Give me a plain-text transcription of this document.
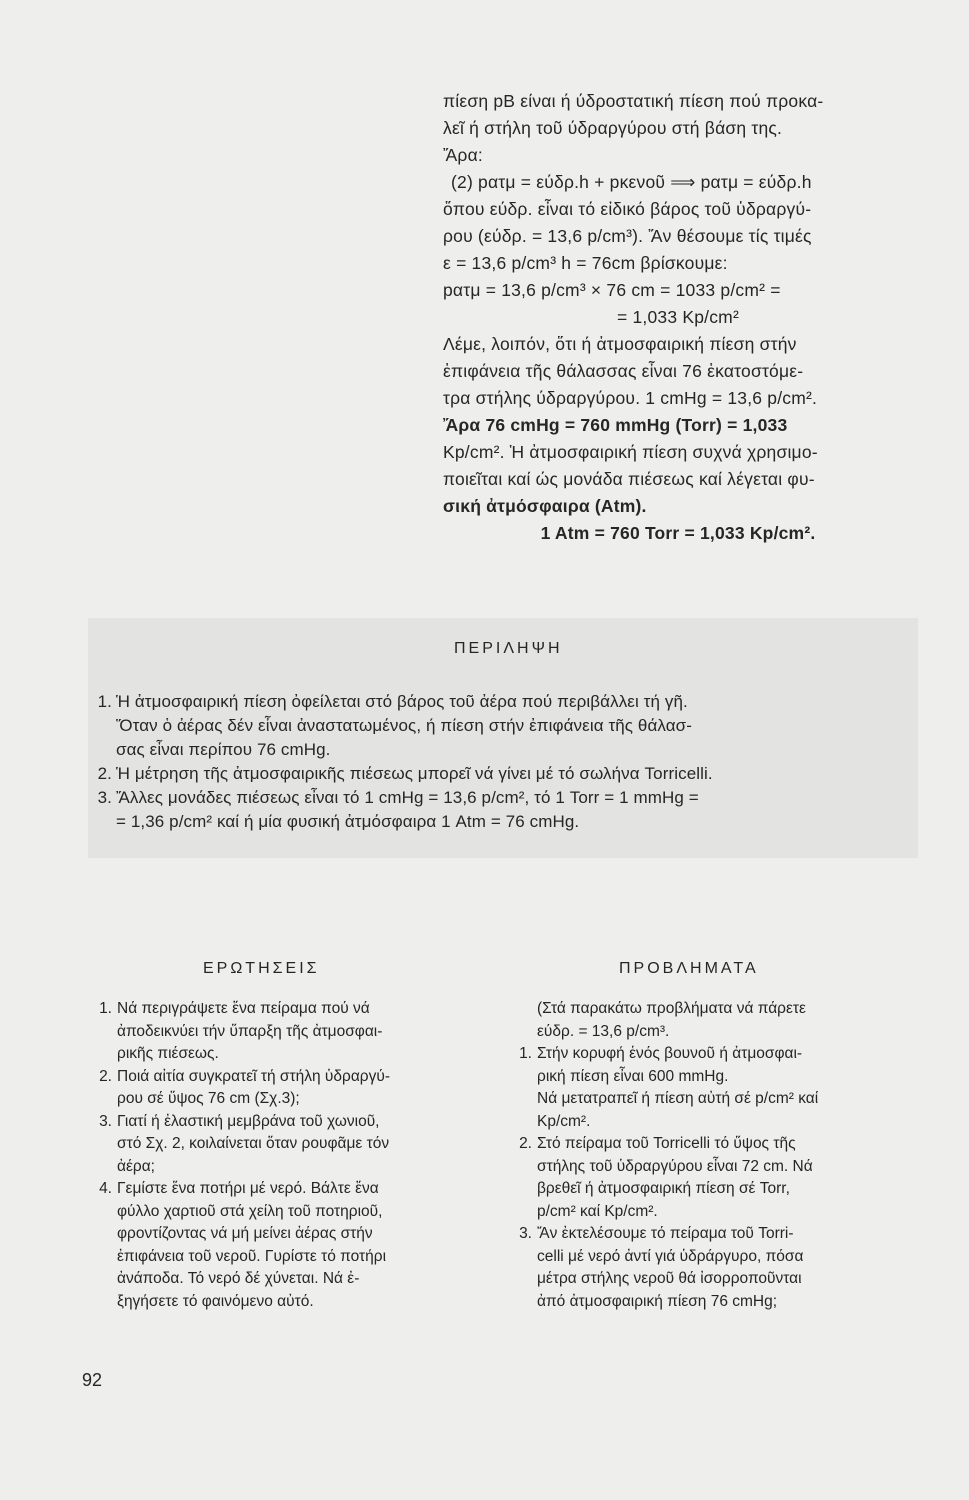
πίεση pB είναι ή ύδροστατική πίεση πού προκα-

λεῖ ή στήλη τοῦ ύδραργύρου στή βάση της.

Ἄρα:

(2) pατμ = εύδρ.h + pκενοῦ ⟹ pατμ = εύδρ.h

ὅπου εύδρ. εἶναι τό εἰδικό βάρος τοῦ ὑδραργύ-

ρου (εύδρ. = 13,6 p/cm³). Ἄν θέσουμε τίς τιμές

ε = 13,6 p/cm³ h = 76cm βρίσκουμε:

pατμ = 13,6 p/cm³ × 76 cm = 1033 p/cm² =

= 1,033 Kp/cm²

Λέμε, λοιπόν, ὅτι ή ἀτμοσφαιρική πίεση στήν

ἐπιφάνεια τῆς θάλασσας εἶναι 76 ἑκατοστόμε-

τρα στήλης ύδραργύρου. 1 cmHg = 13,6 p/cm².

Ἄρα 76 cmHg = 760 mmHg (Torr) = 1,033

Kp/cm². Ἡ ἀτμοσφαιρική πίεση συχνά χρησιμο-

ποιεῖται καί ώς μονάδα πιέσεως καί λέγεται φυ-

σική ἀτμόσφαιρα (Atm).

1 Atm = 760 Torr = 1,033 Kp/cm².

ΠΕΡΙΛΗΨΗ
1. Ἡ ἀτμοσφαιρική πίεση ὀφείλεται στό βάρος τοῦ ἀέρα πού περιβάλλει τή γῆ.
Ὅταν ὁ ἀέρας δέν εἶναι ἀναστατωμένος, ή πίεση στήν ἐπιφάνεια τῆς θάλασ-
σας εἶναι περίπου 76 cmHg.
2. Ἡ μέτρηση τῆς ἀτμοσφαιρικῆς πιέσεως μπορεῖ νά γίνει μέ τό σωλήνα Torricelli.
3. Ἄλλες μονάδες πιέσεως εἶναι τό 1 cmHg = 13,6 p/cm², τό 1 Torr = 1 mmHg =
= 1,36 p/cm² καί ή μία φυσική ἀτμόσφαιρα 1 Atm = 76 cmHg.
ΕΡΩΤΗΣΕΙΣ	ΠΡΟΒΛΗΜΑΤΑ
1. Νά περιγράψετε ἕνα πείραμα πού νά
ἀποδεικνύει τήν ὕπαρξη τῆς ἀτμοσφαι-
ρικῆς πιέσεως.
2. Ποιά αἰτία συγκρατεῖ τή στήλη ὑδραργύ-
ρου σέ ὕψος 76 cm (Σχ.3);
3. Γιατί ή ἐλαστική μεμβράνα τοῦ χωνιοῦ,
στό Σχ. 2, κοιλαίνεται ὅταν ρουφᾶμε τόν
ἀέρα;
4. Γεμίστε ἕνα ποτήρι μέ νερό. Βάλτε ἕνα
φύλλο χαρτιοῦ στά χείλη τοῦ ποτηριοῦ,
φροντίζοντας νά μή μείνει ἀέρας στήν
ἐπιφάνεια τοῦ νεροῦ. Γυρίστε τό ποτήρι
ἀνάποδα. Τό νερό δέ χύνεται. Νά ἐ-
ξηγήσετε τό φαινόμενο αὐτό.
(Στά παρακάτω προβλήματα νά πάρετε
εύδρ. = 13,6 p/cm³.
1. Στήν κορυφή ἑνός βουνοῦ ή ἀτμοσφαι-
ρική πίεση εἶναι 600 mmHg.
Νά μετατραπεῖ ή πίεση αὐτή σέ p/cm² καί
Kp/cm².
2. Στό πείραμα τοῦ Torricelli τό ὕψος τῆς
στήλης τοῦ ὑδραργύρου εἶναι 72 cm. Νά
βρεθεῖ ή ἀτμοσφαιρική πίεση σέ Torr,
p/cm² καί Kp/cm².
3. Ἄν ἐκτελέσουμε τό πείραμα τοῦ Torri-
celli μέ νερό ἀντί γιά ὑδράργυρο, πόσα
μέτρα στήλης νεροῦ θά ἰσορροποῦνται
ἀπό ἀτμοσφαιρική πίεση 76 cmHg;
92
